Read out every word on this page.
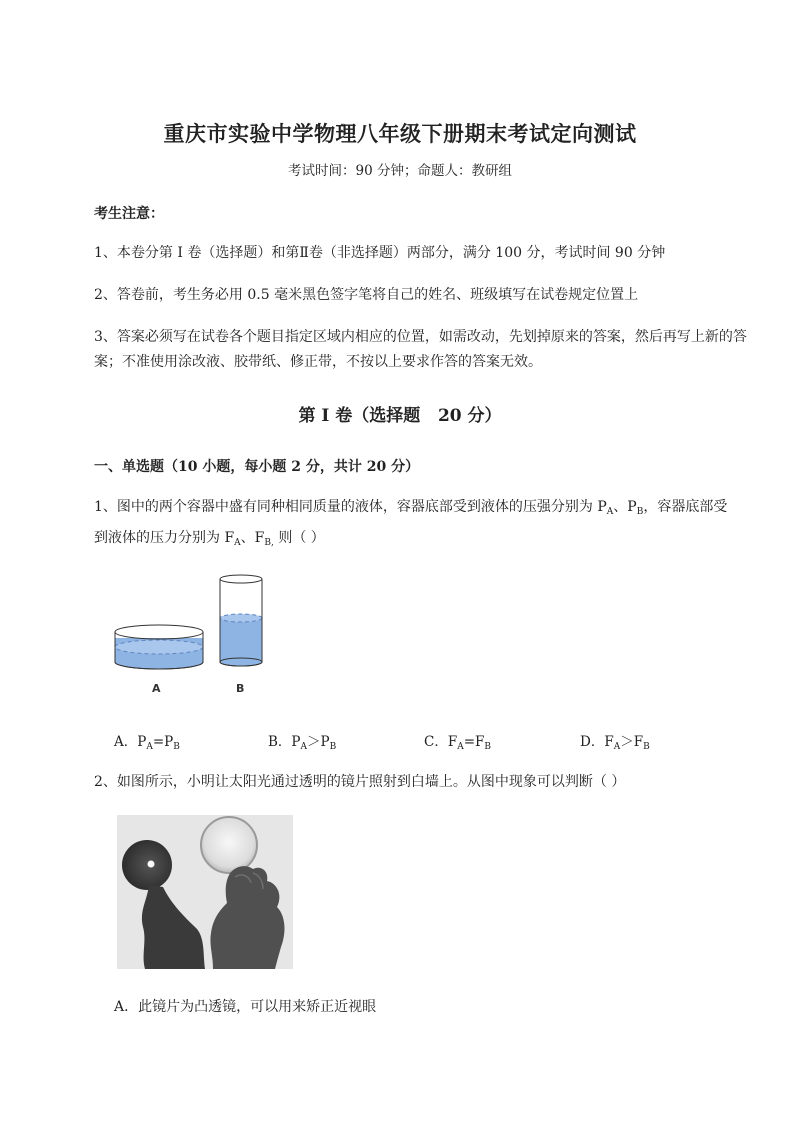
重庆市实验中学物理八年级下册期末考试定向测试
考试时间：90 分钟；命题人：教研组
考生注意：
1、本卷分第 I 卷（选择题）和第Ⅱ卷（非选择题）两部分，满分 100 分，考试时间 90 分钟
2、答卷前，考生务必用 0.5 毫米黑色签字笔将自己的姓名、班级填写在试卷规定位置上
3、答案必须写在试卷各个题目指定区域内相应的位置，如需改动，先划掉原来的答案，然后再写上新的答案；不准使用涂改液、胶带纸、修正带，不按以上要求作答的答案无效。
第 I 卷（选择题   20 分）
一、单选题（10 小题，每小题 2 分，共计 20 分）
1、图中的两个容器中盛有同种相同质量的液体，容器底部受到液体的压强分别为 $P_A$、$P_B$，容器底部受
到液体的压力分别为 $F_A$、$F_{B,}$ 则（ ）
A	B
A．$P_A=P_B$	B．$P_A>P_B$	C．$F_A=F_B$	D．$F_A>F_B$
2、如图所示，小明让太阳光通过透明的镜片照射到白墙上。从图中现象可以判断（ ）
A．此镜片为凸透镜，可以用来矫正近视眼
